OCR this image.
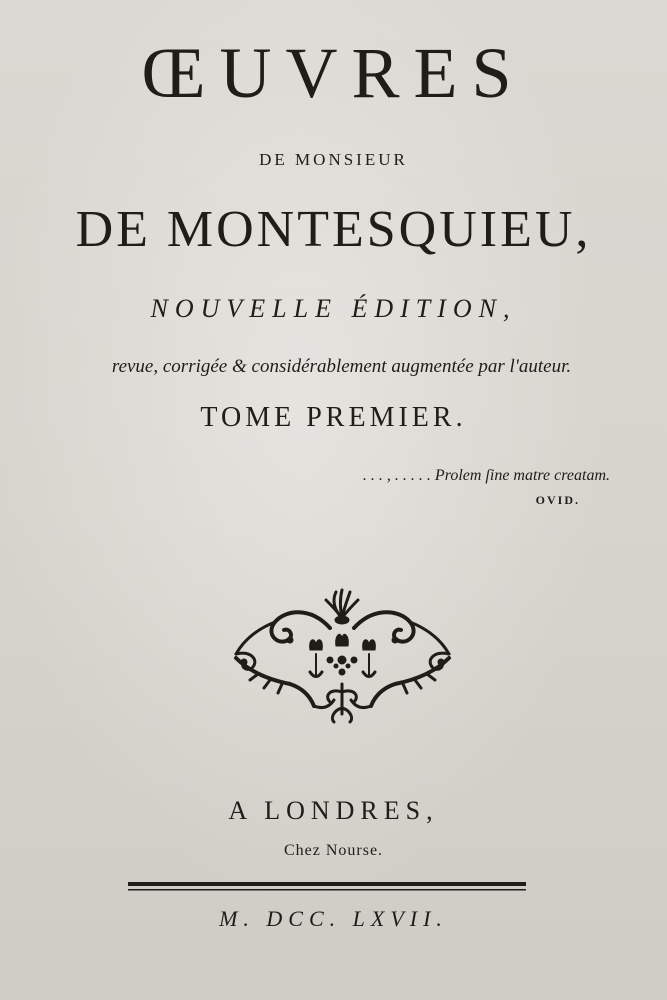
ŒUVRES
DE MONSIEUR
DE MONTESQUIEU,
NOUVELLE ÉDITION,
revue, corrigée & considérablement augmentée par l'auteur.
TOME PREMIER.
. . . , . . . . . Prolem ſine matre creatam.
OVID.
A LONDRES,
Chez Nourse.
M. DCC. LXVII.
